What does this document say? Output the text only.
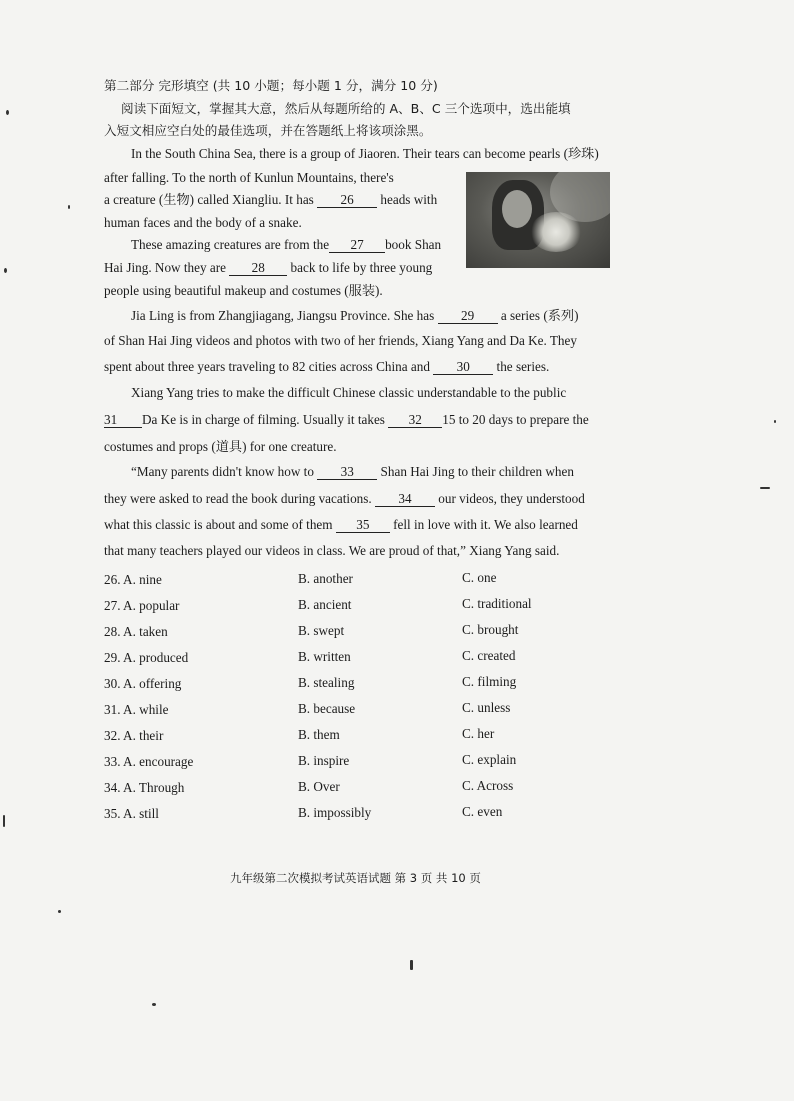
第二部分 完形填空 (共 10 小题；每小题 1 分，满分 10 分)
阅读下面短文，掌握其大意，然后从每题所给的 A、B、C 三个选项中，选出能填
入短文相应空白处的最佳选项，并在答题纸上将该项涂黑。
In the South China Sea, there is a group of Jiaoren. Their tears can become pearls (珍珠)
after falling. To the north of Kunlun Mountains, there's
a creature (生物) called Xiangliu. It has 26 heads with
human faces and the body of a snake.
These amazing creatures are from the 27 book Shan
Hai Jing. Now they are 28 back to life by three young
people using beautiful makeup and costumes (服装).
Jia Ling is from Zhangjiagang, Jiangsu Province. She has 29 a series (系列)
of Shan Hai Jing videos and photos with two of her friends, Xiang Yang and Da Ke. They
spent about three years traveling to 82 cities across China and 30 the series.
Xiang Yang tries to make the difficult Chinese classic understandable to the public
31 Da Ke is in charge of filming. Usually it takes 32 15 to 20 days to prepare the
costumes and props (道具) for one creature.
“Many parents didn't know how to 33 Shan Hai Jing to their children when
they were asked to read the book during vacations. 34 our videos, they understood
what this classic is about and some of them 35 fell in love with it. We also learned
that many teachers played our videos in class. We are proud of that,” Xiang Yang said.
26. A. nine	B. another	C. one
27. A. popular	B. ancient	C. traditional
28. A. taken	B. swept	C. brought
29. A. produced	B. written	C. created
30. A. offering	B. stealing	C. filming
31. A. while	B. because	C. unless
32. A. their	B. them	C. her
33. A. encourage	B. inspire	C. explain
34. A. Through	B. Over	C. Across
35. A. still	B. impossibly	C. even
九年级第二次模拟考试英语试题 第 3 页 共 10 页
